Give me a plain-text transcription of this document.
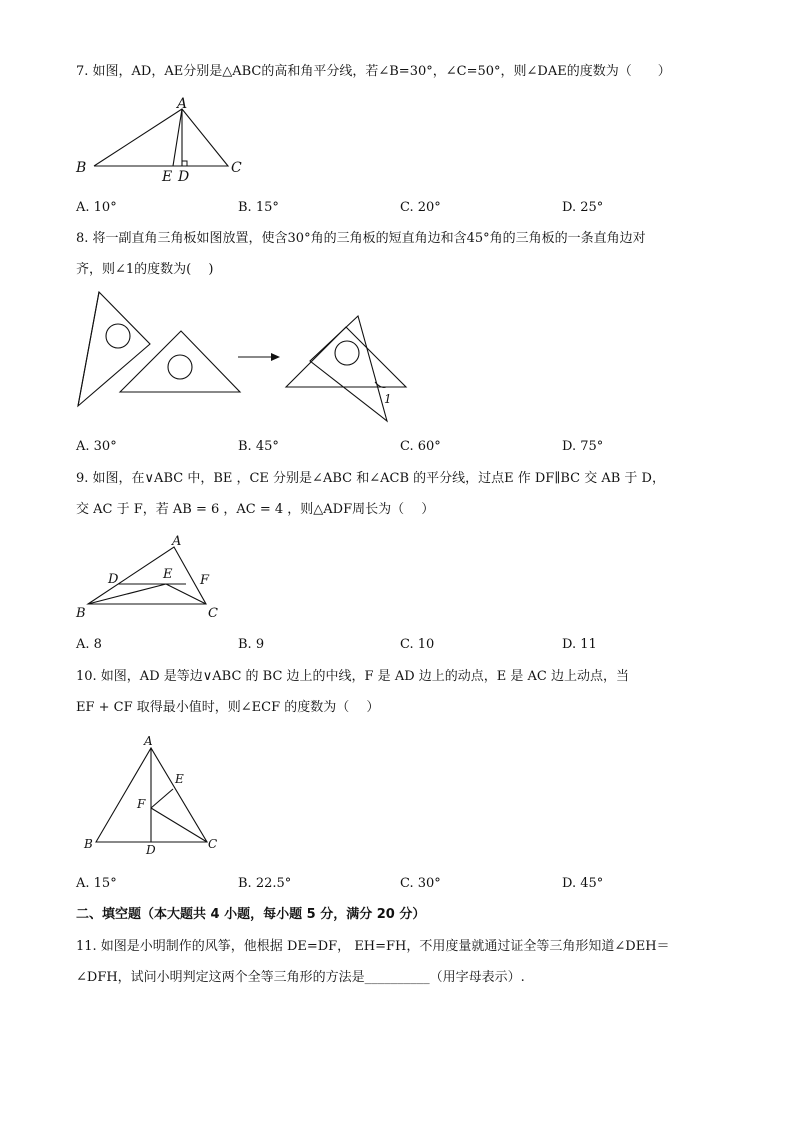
7. 如图，AD，AE分别是△ABC的高和角平分线，若∠B=30°，∠C=50°，则∠DAE的度数为（　　）
A
B	C
E D
A. 10°	B. 15°	C. 20°	D. 25°
8. 将一副直角三角板如图放置，使含30°角的三角板的短直角边和含45°角的三角板的一条直角边对
齐，则∠1的度数为(　 )
1
A. 30°	B. 45°	C. 60°	D. 75°
9. 如图，在∨ABC 中，BE ，CE 分别是∠ABC 和∠ACB 的平分线，过点E 作 DF∥BC 交 AB 于 D，
交 AC 于 F，若 AB = 6 ，AC = 4 ，则△ADF周长为（　 ）
A
B	C
D	E F
A. 8	B. 9	C. 10	D. 11
10. 如图，AD 是等边∨ABC 的 BC 边上的中线，F 是 AD 边上的动点，E 是 AC 边上动点，当
EF + CF 取得最小值时，则∠ECF 的度数为（　 ）
A
B	C
D
E
F
A. 15°	B. 22.5°	C. 30°	D. 45°
二、填空题（本大题共 4 小题，每小题 5 分，满分 20 分）
11. 如图是小明制作的风筝，他根据 DE=DF， EH=FH，不用度量就通过证全等三角形知道∠DEH＝
∠DFH，试问小明判定这两个全等三角形的方法是__________（用字母表示）.
